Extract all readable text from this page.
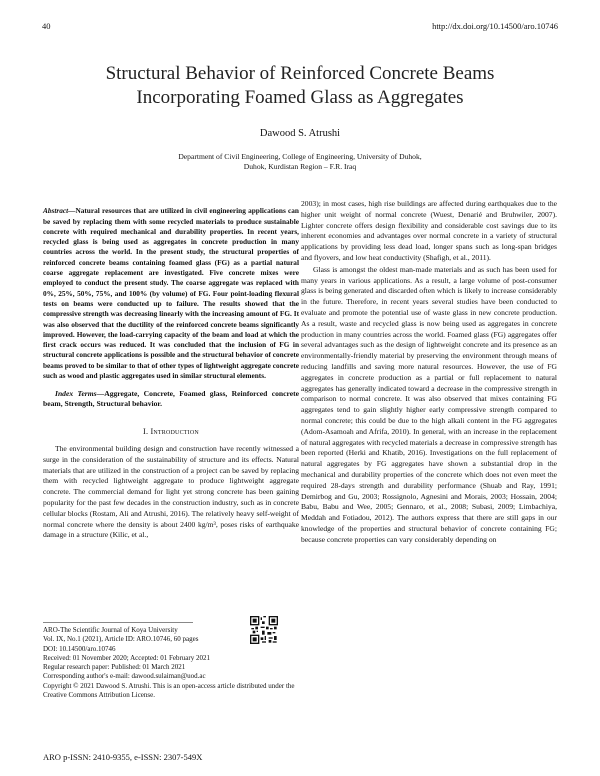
40	http://dx.doi.org/10.14500/aro.10746
Structural Behavior of Reinforced Concrete Beams
Incorporating Foamed Glass as Aggregates
Dawood S. Atrushi
Department of Civil Engineering, College of Engineering, University of Duhok,
Duhok, Kurdistan Region – F.R. Iraq

Abstract—Natural resources that are utilized in civil engineering applications can be saved by replacing them with some recycled materials to produce sustainable concrete with required mechanical and durability properties. In recent years, recycled glass is being used as aggregates in concrete production in many countries across the world. In the present study, the structural properties of reinforced concrete beams containing foamed glass (FG) as a partial natural coarse aggregate replacement are investigated. Five concrete mixes were employed to conduct the present study. The coarse aggregate was replaced with 0%, 25%, 50%, 75%, and 100% (by volume) of FG. Four point-loading flexural tests on beams were conducted up to failure. The results showed that the compressive strength was decreasing linearly with the increasing amount of FG. It was also observed that the ductility of the reinforced concrete beams significantly improved. However, the load-carrying capacity of the beam and load at which the first crack occurs was reduced. It was concluded that the inclusion of FG in structural concrete applications is possible and the structural behavior of concrete beams proved to be similar to that of other types of lightweight aggregate concrete such as wood and plastic aggregates used in similar structural elements.

Index Terms—Aggregate, Concrete, Foamed glass, Reinforced concrete beam, Strength, Structural behavior.

I. Introduction

The environmental building design and construction have recently witnessed a surge in the consideration of the sustainability of structure and its effects. Natural materials that are utilized in the construction of a project can be saved by replacing them with recycled lightweight aggregate to produce lightweight aggregate concrete. The commercial demand for light yet strong concrete has been gaining popularity for the past few decades in the construction industry, such as in concrete cellular blocks (Rostam, Ali and Atrushi, 2016). The relatively heavy self-weight of normal concrete where the density is about 2400 kg/m³, poses risks of earthquake damage in a structure (Kilic, et al.,

2003); in most cases, high rise buildings are affected during earthquakes due to the higher unit weight of normal concrete (Wuest, Denarié and Bruhwiler, 2007). Lighter concrete offers design flexibility and considerable cost savings due to its inherent economies and advantages over normal concrete in a variety of structural applications by providing less dead load, longer spans such as long-span bridges and flyovers, and low heat conductivity (Shafigh, et al., 2011).

Glass is amongst the oldest man-made materials and as such has been used for many years in various applications. As a result, a large volume of post-consumer glass is being generated and discarded often which is likely to increase considerably in the future. Therefore, in recent years several studies have been conducted to evaluate and promote the potential use of waste glass in new concrete production. As a result, waste and recycled glass is now being used as aggregates in concrete production in many countries across the world. Foamed glass (FG) aggregates offer several advantages such as the design of lightweight concrete and its presence as an environmentally-friendly material by preserving the environment through means of reducing landfills and saving more natural resources. However, the use of FG aggregates in concrete production as a partial or full replacement to natural aggregates has generally indicated toward a decrease in the compressive strength in comparison to normal concrete. It was also observed that mixes containing FG aggregates tend to gain slightly higher early compressive strength compared to normal concrete; this could be due to the high alkali content in the FG aggregates (Adom-Asamoah and Afrifa, 2010). In general, with an increase in the replacement of natural aggregates with recycled materials a decrease in compressive strength has been reported (Herki and Khatib, 2016). Investigations on the full replacement of natural aggregates by FG aggregates have shown a substantial drop in the mechanical and durability properties of the concrete which does not even meet the required 28-days strength and durability performance (Shuab and Ray, 1991; Demirbog and Gu, 2003; Rossignolo, Agnesini and Morais, 2003; Hossain, 2004; Babu, Babu and Wee, 2005; Gennaro, et al., 2008; Subasi, 2009; Limbachiya, Meddah and Fotiadou, 2012). The authors express that there are still gaps in our knowledge of the properties and structural behavior of concrete containing FG; because concrete properties can vary considerably depending on

ARO-The Scientific Journal of Koya University
Vol. IX, No.1 (2021), Article ID: ARO.10746, 60 pages
DOI: 10.14500/aro.10746
Received: 01 November 2020; Accepted: 01 February 2021
Regular research paper: Published: 01 March 2021
Corresponding author's e-mail: dawood.sulaiman@uod.ac
Copyright © 2021 Dawood S. Atrushi. This is an open-access article distributed under the Creative Commons Attribution License.
ARO p-ISSN: 2410-9355, e-ISSN: 2307-549X
